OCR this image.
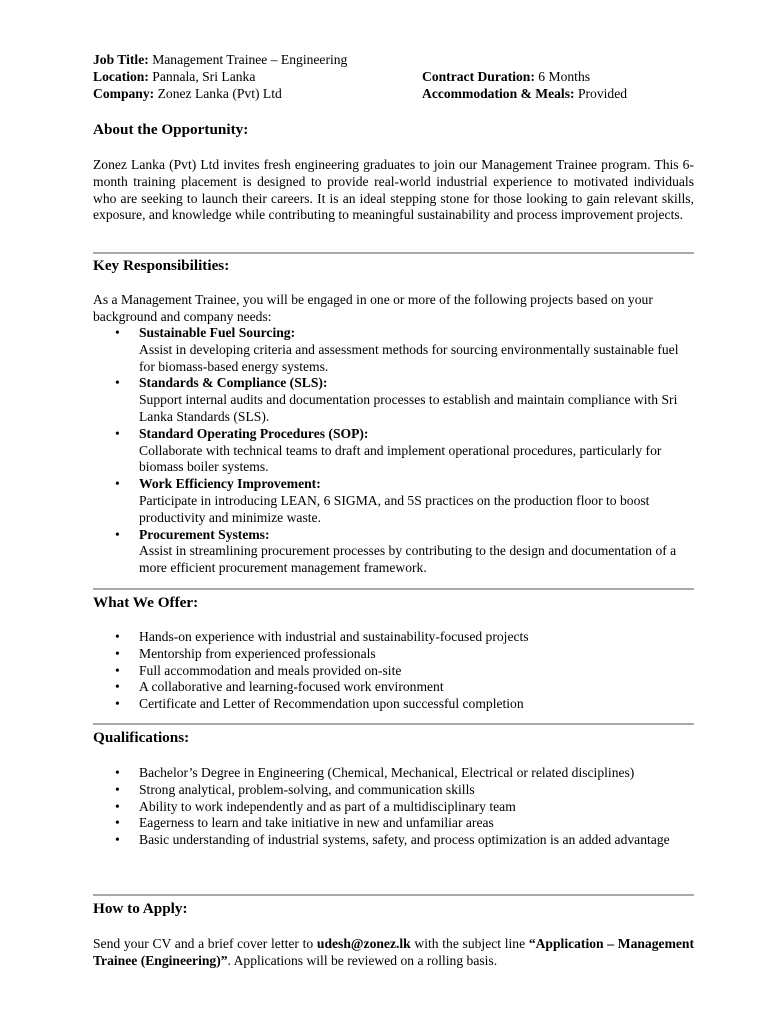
Job Title: Management Trainee – Engineering
Location: Pannala, Sri Lanka	Contract Duration: 6 Months
Company: Zonez Lanka (Pvt) Ltd	Accommodation & Meals: Provided
About the Opportunity:
Zonez Lanka (Pvt) Ltd invites fresh engineering graduates to join our Management Trainee program. This 6-month training placement is designed to provide real-world industrial experience to motivated individuals who are seeking to launch their careers. It is an ideal stepping stone for those looking to gain relevant skills, exposure, and knowledge while contributing to meaningful sustainability and process improvement projects.
Key Responsibilities:
As a Management Trainee, you will be engaged in one or more of the following projects based on your background and company needs:
• Sustainable Fuel Sourcing:
Assist in developing criteria and assessment methods for sourcing environmentally sustainable fuel for biomass-based energy systems.
• Standards & Compliance (SLS):
Support internal audits and documentation processes to establish and maintain compliance with Sri Lanka Standards (SLS).
• Standard Operating Procedures (SOP):
Collaborate with technical teams to draft and implement operational procedures, particularly for biomass boiler systems.
• Work Efficiency Improvement:
Participate in introducing LEAN, 6 SIGMA, and 5S practices on the production floor to boost productivity and minimize waste.
• Procurement Systems:
Assist in streamlining procurement processes by contributing to the design and documentation of a more efficient procurement management framework.
What We Offer:
• Hands-on experience with industrial and sustainability-focused projects
• Mentorship from experienced professionals
• Full accommodation and meals provided on-site
• A collaborative and learning-focused work environment
• Certificate and Letter of Recommendation upon successful completion
Qualifications:
• Bachelor’s Degree in Engineering (Chemical, Mechanical, Electrical or related disciplines)
• Strong analytical, problem-solving, and communication skills
• Ability to work independently and as part of a multidisciplinary team
• Eagerness to learn and take initiative in new and unfamiliar areas
• Basic understanding of industrial systems, safety, and process optimization is an added advantage
How to Apply:
Send your CV and a brief cover letter to udesh@zonez.lk with the subject line “Application – Management Trainee (Engineering)”. Applications will be reviewed on a rolling basis.
